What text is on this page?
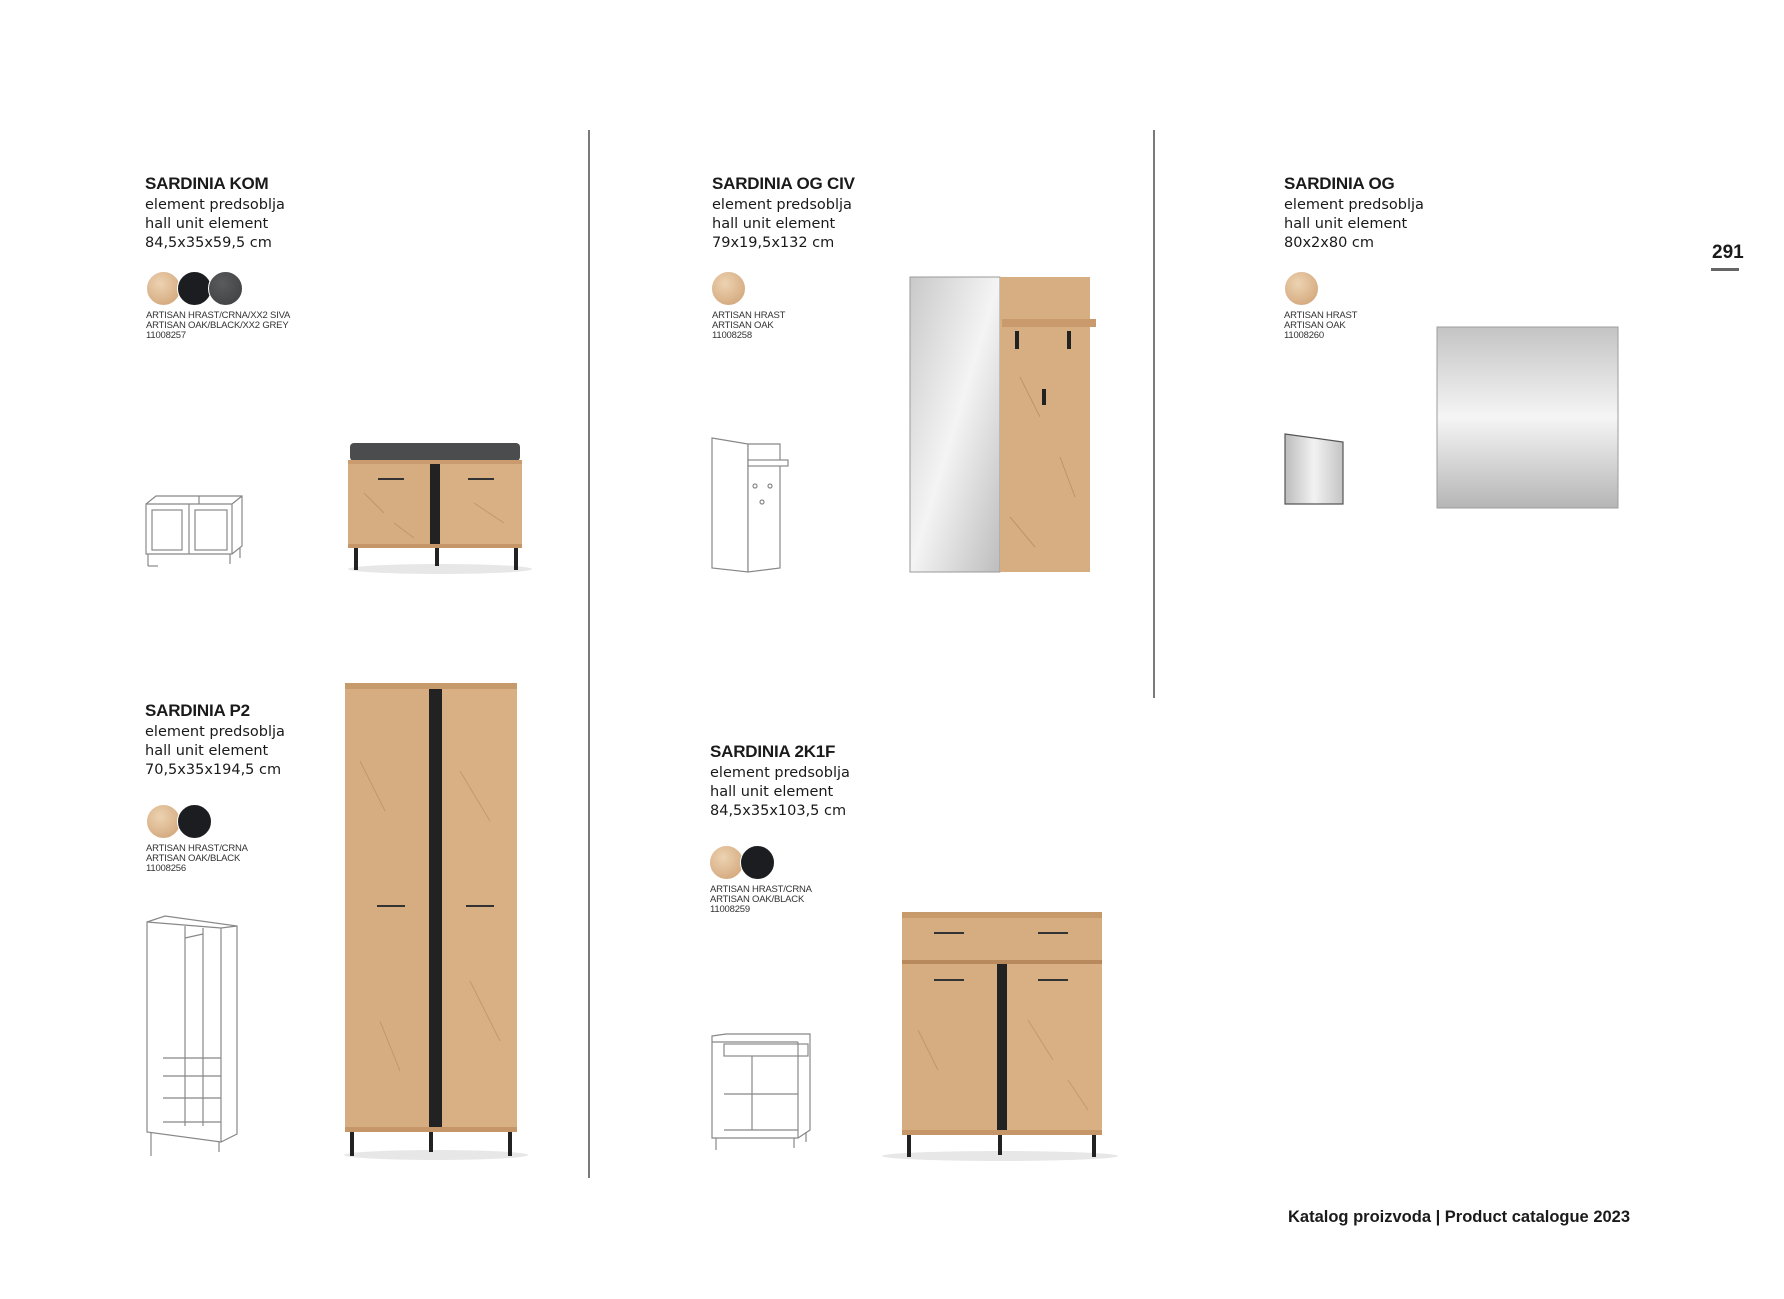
291

SARDINIA KOM

element predsoblja

hall unit element

84,5x35x59,5 cm

ARTISAN HRAST/CRNA/XX2 SIVA
ARTISAN OAK/BLACK/XX2 GREY
11008257

SARDINIA OG CIV

element predsoblja

hall unit element

79x19,5x132 cm

ARTISAN HRAST
ARTISAN OAK
11008258

SARDINIA OG

element predsoblja

hall unit element

80x2x80 cm

ARTISAN HRAST
ARTISAN OAK
11008260

SARDINIA P2

element predsoblja

hall unit element

70,5x35x194,5 cm

ARTISAN HRAST/CRNA
ARTISAN OAK/BLACK
11008256

SARDINIA 2K1F

element predsoblja

hall unit element

84,5x35x103,5 cm

ARTISAN HRAST/CRNA
ARTISAN OAK/BLACK
11008259
Katalog proizvoda | Product catalogue 2023
